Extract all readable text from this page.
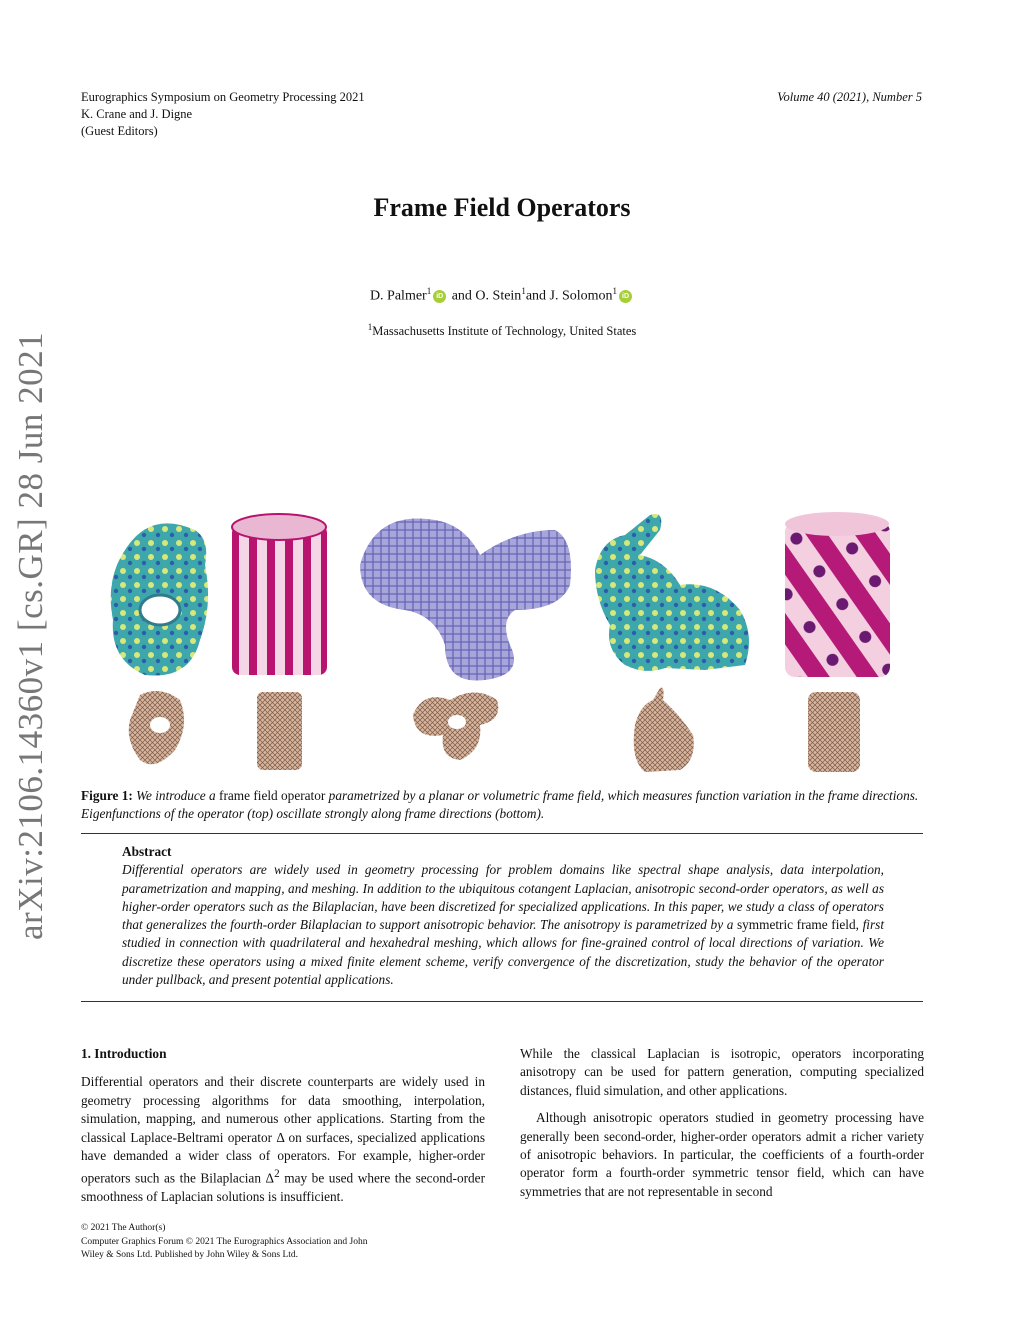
Eurographics Symposium on Geometry Processing 2021
K. Crane and J. Digne
(Guest Editors)
Volume 40 (2021), Number 5
Frame Field Operators
D. Palmer$^1$iD and O. Stein$^1$and J. Solomon$^1$iD
$^1$Massachusetts Institute of Technology, United States
arXiv:2106.14360v1 [cs.GR] 28 Jun 2021	Figure 1: We introduce a frame field operator parametrized by a planar or volumetric frame field, which measures function variation in the frame directions. Eigenfunctions of the operator (top) oscillate strongly along frame directions (bottom).
Abstract
Differential operators are widely used in geometry processing for problem domains like spectral shape analysis, data interpolation, parametrization and mapping, and meshing. In addition to the ubiquitous cotangent Laplacian, anisotropic second-order operators, as well as higher-order operators such as the Bilaplacian, have been discretized for specialized applications. In this paper, we study a class of operators that generalizes the fourth-order Bilaplacian to support anisotropic behavior. The anisotropy is parametrized by a symmetric frame field, first studied in connection with quadrilateral and hexahedral meshing, which allows for fine-grained control of local directions of variation. We discretize these operators using a mixed finite element scheme, verify convergence of the discretization, study the behavior of the operator under pullback, and present potential applications.
1. Introduction

Differential operators and their discrete counterparts are widely used in geometry processing algorithms for data smoothing, interpolation, simulation, mapping, and numerous other applications. Starting from the classical Laplace-Beltrami operator Δ on surfaces, specialized applications have demanded a wider class of operators. For example, higher-order operators such as the Bilaplacian $\Delta^2$ may be used where the second-order smoothness of Laplacian solutions is insufficient.

While the classical Laplacian is isotropic, operators incorporating anisotropy can be used for pattern generation, computing specialized distances, fluid simulation, and other applications.

Although anisotropic operators studied in geometry processing have generally been second-order, higher-order operators admit a richer variety of anisotropic behaviors. In particular, the coefficients of a fourth-order operator form a fourth-order symmetric tensor field, which can have symmetries that are not representable in second

© 2021 The Author(s)
Computer Graphics Forum © 2021 The Eurographics Association and John
Wiley & Sons Ltd. Published by John Wiley & Sons Ltd.
